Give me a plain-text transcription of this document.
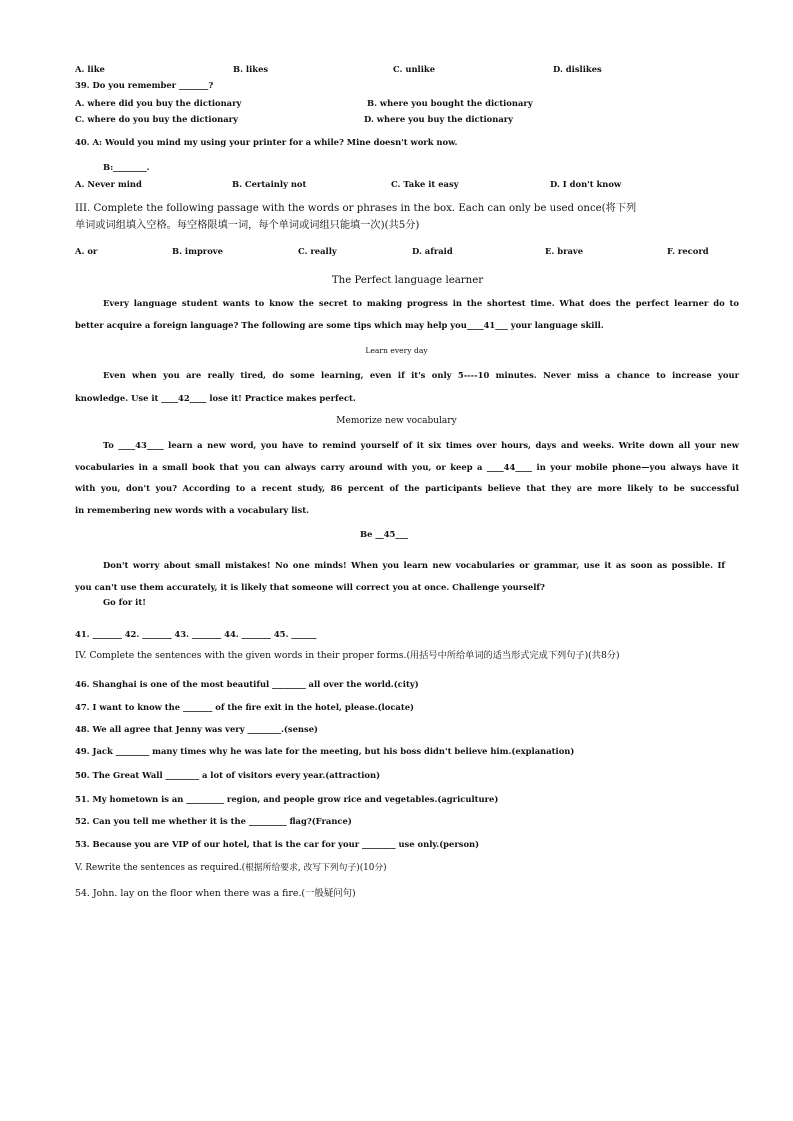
A. like	B. likes	C. unlike	D. dislikes
39. Do you remember _______?
A. where did you buy the dictionary	B. where you bought the dictionary
C. where do you buy the dictionary	D. where you buy the dictionary
40. A: Would you mind my using your printer for a while? Mine doesn't work now.
B:________.
A. Never mind	B. Certainly not	C. Take it easy	D. I don't know
III. Complete the following passage with the words or phrases in the box. Each can only be used once(将下列
单词或词组填入空格。每空格限填一词，每个单词或词组只能填一次)(共5分)
A. or	B. improve	C. really	D. afraid	E. brave	F. record
The Perfect language learner
Every language student wants to know the secret to making progress in the shortest time. What does the perfect learner do to
better acquire a foreign language? The following are some tips which may help you____41___ your language skill.
Learn every day
Even when you are really tired, do some learning, even if it's only 5----10 minutes. Never miss a chance to increase your
knowledge. Use it ____42____ lose it! Practice makes perfect.
Memorize new vocabulary
To ____43____ learn a new word, you have to remind yourself of it six times over hours, days and weeks. Write down all your new
vocabularies in a small book that you can always carry around with you, or keep a ____44____ in your mobile phone—you always have it
with you, don't you? According to a recent study, 86 percent of the participants believe that they are more likely to be successful
in remembering new words with a vocabulary list.
Be __45___
Don't worry about small mistakes! No one minds! When you learn new vocabularies or grammar, use it as soon as possible. If
you can't use them accurately, it is likely that someone will correct you at once. Challenge yourself?
Go for it!
41. _______ 42. _______ 43. _______ 44. _______ 45. ______
IV. Complete the sentences with the given words in their proper forms.(用括号中所给单词的适当形式完成下列句子)(共8分)
46. Shanghai is one of the most beautiful ________ all over the world.(city)
47. I want to know the _______ of the fire exit in the hotel, please.(locate)
48. We all agree that Jenny was very ________.(sense)
49. Jack ________ many times why he was late for the meeting, but his boss didn't believe him.(explanation)
50. The Great Wall ________ a lot of visitors every year.(attraction)
51. My hometown is an _________ region, and people grow rice and vegetables.(agriculture)
52. Can you tell me whether it is the _________ flag?(France)
53. Because you are VIP of our hotel, that is the car for your ________ use only.(person)
V. Rewrite the sentences as required.(根据所给要求, 改写下列句子)(10分)
54. John. lay on the floor when there was a fire.(一般疑问句)
